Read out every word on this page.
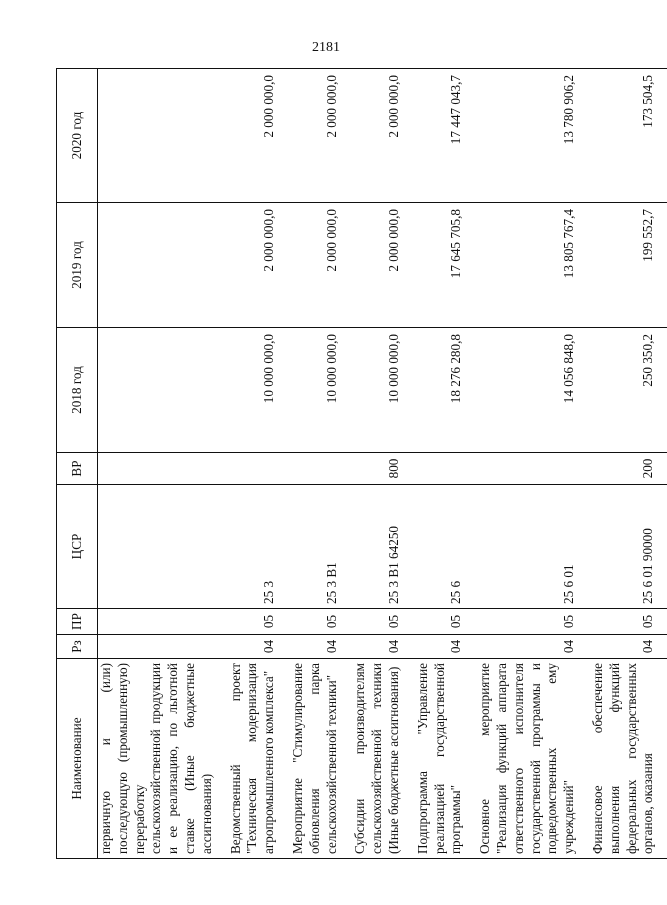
2181
Наименование	Рз	ПР	ЦСР	ВР	2018 год	2019 год	2020 год
первичную и (или) последующую (промышленную) переработку сельскохозяйственной продукции и ее реализацию, по льготной ставке (Иные бюджетные ассигнования)							
Ведомственный проект "Техническая модернизация агропромышленного комплекса"	04	05	25 3		10 000 000,0	2 000 000,0	2 000 000,0
Мероприятие "Стимулирование обновления парка сельскохозяйственной техники"	04	05	25 3 В1		10 000 000,0	2 000 000,0	2 000 000,0
Субсидии производителям сельскохозяйственной техники (Иные бюджетные ассигнования)	04	05	25 3 В1 64250	800	10 000 000,0	2 000 000,0	2 000 000,0
Подпрограмма "Управление реализацией государственной программы"	04	05	25 6		18 276 280,8	17 645 705,8	17 447 043,7
Основное мероприятие "Реализация функций аппарата ответственного исполнителя государственной программы и подведомственных ему учреждений"	04	05	25 6 01		14 056 848,0	13 805 767,4	13 780 906,2
Финансовое обеспечение выполнения функций федеральных государственных органов, оказания	04	05	25 6 01 90000	200	250 350,2	199 552,7	173 504,5
